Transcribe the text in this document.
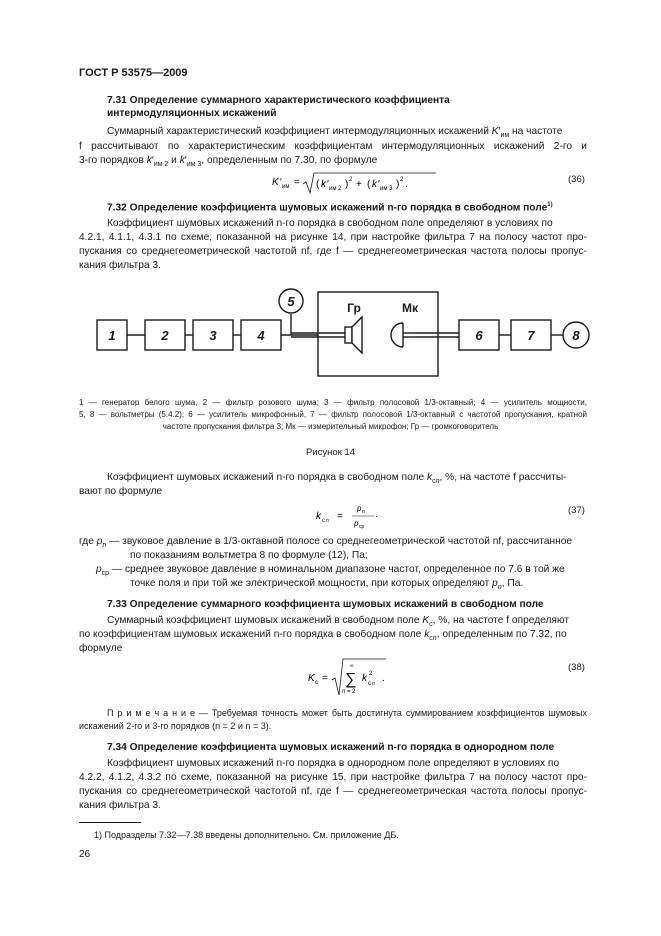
ГОСТ Р 53575—2009
7.31 Определение суммарного характеристического коэффициента
интермодуляционных искажений
Суммарный характеристический коэффициент интермодуляционных искажений $K'_{им}$ на частоте
f рассчитывают по характеристическим коэффициентам интермодуляционных искажений 2-го и
3-го порядков $k'_{им 2}$ и $k'_{им 3}$, определенным по 7.30, по формуле
K ′ им = ( k ′ им 2 ) 2 + ( k ′ им 3 ) 2 .	(36)
7.32 Определение коэффициента шумовых искажений n-го порядка в свободном поле$^{1)}$
Коэффициент шумовых искажений n-го порядка в свободном поле определяют в условиях по
4.2.1, 4.1.1, 4.3.1 по схеме, показанной на рисунке 14, при настройке фильтра 7 на полосу частот про-
пускания со среднегеометрической частотой nf, где f — среднегеометрическая частота полосы пропус-
кания фильтра 3.
1	2	3	4	6	7
5
8
Гр	Мк
1 — генератор белого шума, 2 — фильтр розового шума; 3 — фильтр полосовой 1/3-октавный; 4 — усилитель мощности,
5, 8 — вольтметры (5.4.2); 6 — усилитель микрофонный, 7 — фильтр полосовой 1/3-октавный с частотой пропускания, кратной
частоте пропускания фильтра 3; Мк — измерительный микрофон; Гр — громкоговоритель
Рисунок 14
Коэффициент шумовых искажений n-го порядка в свободном поле $k_{сn}$, %, на частоте f рассчиты-
вают по формуле
k с n =
p n
p ср
.	(37)
где $p_n$ — звуковое давление в 1/3-октавной полосе со среднегеометрической частотой nf, рассчитанное
по показаниям вольтметра 8 по формуле (12), Па;
$p_{ср}$ — среднее звуковое давление в номинальном диапазоне частот, определенное по 7.6 в той же
точке поля и при той же электрической мощности, при которых определяют $p_n$, Па.
7.33 Определение суммарного коэффициента шумовых искажений в свободном поле
Суммарный коэффициент шумовых искажений в свободном поле $K_с$, %, на частоте f определяют
по коэффициентам шумовых искажений n-го порядка в свободном поле $k_{сn}$, определенным по 7.32, по
формуле
K с =
∞
∑
n = 2
k 2
с n .
(38)
П р и м е ч а н и е — Требуемая точность может быть достигнута суммированием коэффициентов шумовых
искажений 2-го и 3-го порядков (n = 2 и n = 3).
7.34 Определение коэффициента шумовых искажений n-го порядка в однородном поле
Коэффициент шумовых искажений n-го порядка в однородном поле определяют в условиях по
4.2.2, 4.1.2, 4.3.2 по схеме, показанной на рисунке 15, при настройке фильтра 7 на полосу частот про-
пускания со среднегеометрической частотой nf, где f — среднегеометрическая частота полосы пропус-
кания фильтра 3.
1) Подразделы 7.32—7.38 введены дополнительно. См. приложение ДБ.
26
